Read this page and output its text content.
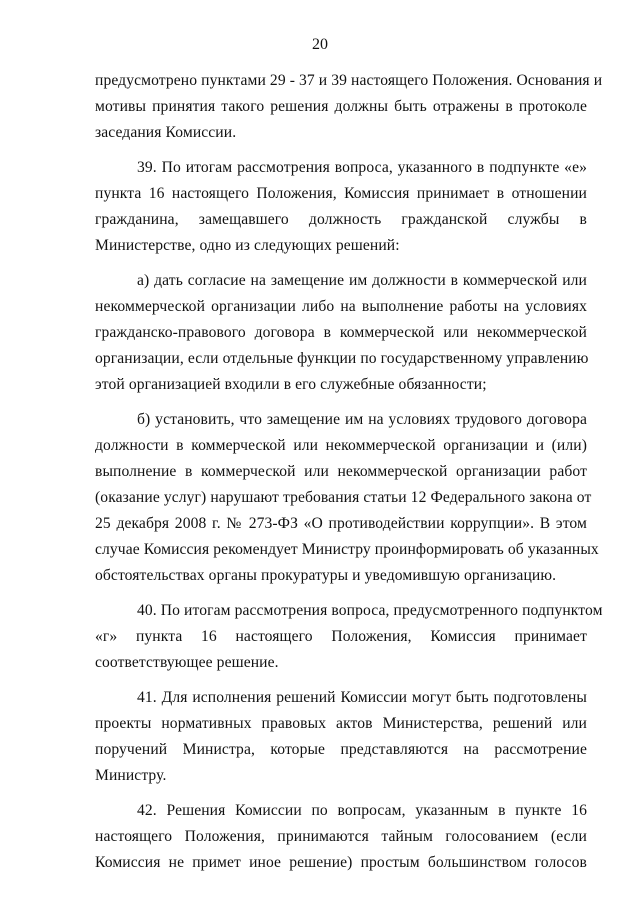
20
предусмотрено пунктами 29 - 37 и 39 настоящего Положения. Основания и
мотивы принятия такого решения должны быть отражены в протоколе
заседания Комиссии.
39. По итогам рассмотрения вопроса, указанного в подпункте «е»
пункта 16 настоящего Положения, Комиссия принимает в отношении
гражданина, замещавшего должность гражданской службы в
Министерстве, одно из следующих решений:
а) дать согласие на замещение им должности в коммерческой или
некоммерческой организации либо на выполнение работы на условиях
гражданско-правового договора в коммерческой или некоммерческой
организации, если отдельные функции по государственному управлению
этой организацией входили в его служебные обязанности;
б) установить, что замещение им на условиях трудового договора
должности в коммерческой или некоммерческой организации и (или)
выполнение в коммерческой или некоммерческой организации работ
(оказание услуг) нарушают требования статьи 12 Федерального закона от
25 декабря 2008 г. № 273-ФЗ «О противодействии коррупции». В этом
случае Комиссия рекомендует Министру проинформировать об указанных
обстоятельствах органы прокуратуры и уведомившую организацию.
40. По итогам рассмотрения вопроса, предусмотренного подпунктом
«г» пункта 16 настоящего Положения, Комиссия принимает
соответствующее решение.
41. Для исполнения решений Комиссии могут быть подготовлены
проекты нормативных правовых актов Министерства, решений или
поручений Министра, которые представляются на рассмотрение
Министру.
42. Решения Комиссии по вопросам, указанным в пункте 16
настоящего Положения, принимаются тайным голосованием (если
Комиссия не примет иное решение) простым большинством голосов
